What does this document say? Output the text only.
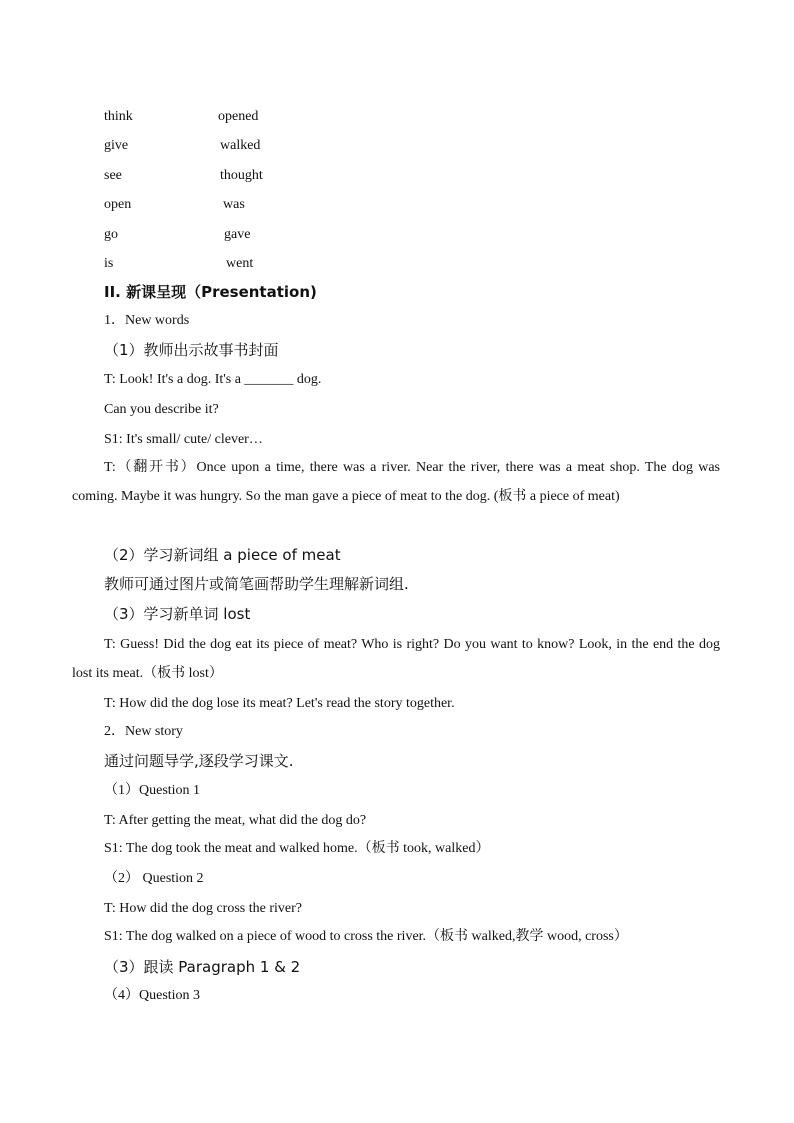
think	opened
give	walked
see	thought
open	was
go	gave
is	went
II. 新课呈现（Presentation)
1．New words
（1）教师出示故事书封面
T: Look! It's a dog. It's a _______ dog.
Can you describe it?
S1: It's small/ cute/ clever…
T:（翻开书）Once upon a time, there was a river. Near the river, there was a meat shop. The dog was coming. Maybe it was hungry. So the man gave a piece of meat to the dog. (板书 a piece of meat)
（2）学习新词组 a piece of meat
教师可通过图片或简笔画帮助学生理解新词组.
（3）学习新单词 lost
T: Guess! Did the dog eat its piece of meat? Who is right? Do you want to know? Look, in the end the dog lost its meat.（板书 lost）
T: How did the dog lose its meat? Let's read the story together.
2．New story
通过问题导学,逐段学习课文.
（1）Question 1
T: After getting the meat, what did the dog do?
S1: The dog took the meat and walked home.（板书 took, walked）
（2） Question 2
T: How did the dog cross the river?
S1: The dog walked on a piece of wood to cross the river.（板书 walked,教学 wood, cross）
（3）跟读 Paragraph 1 & 2
（4）Question 3
